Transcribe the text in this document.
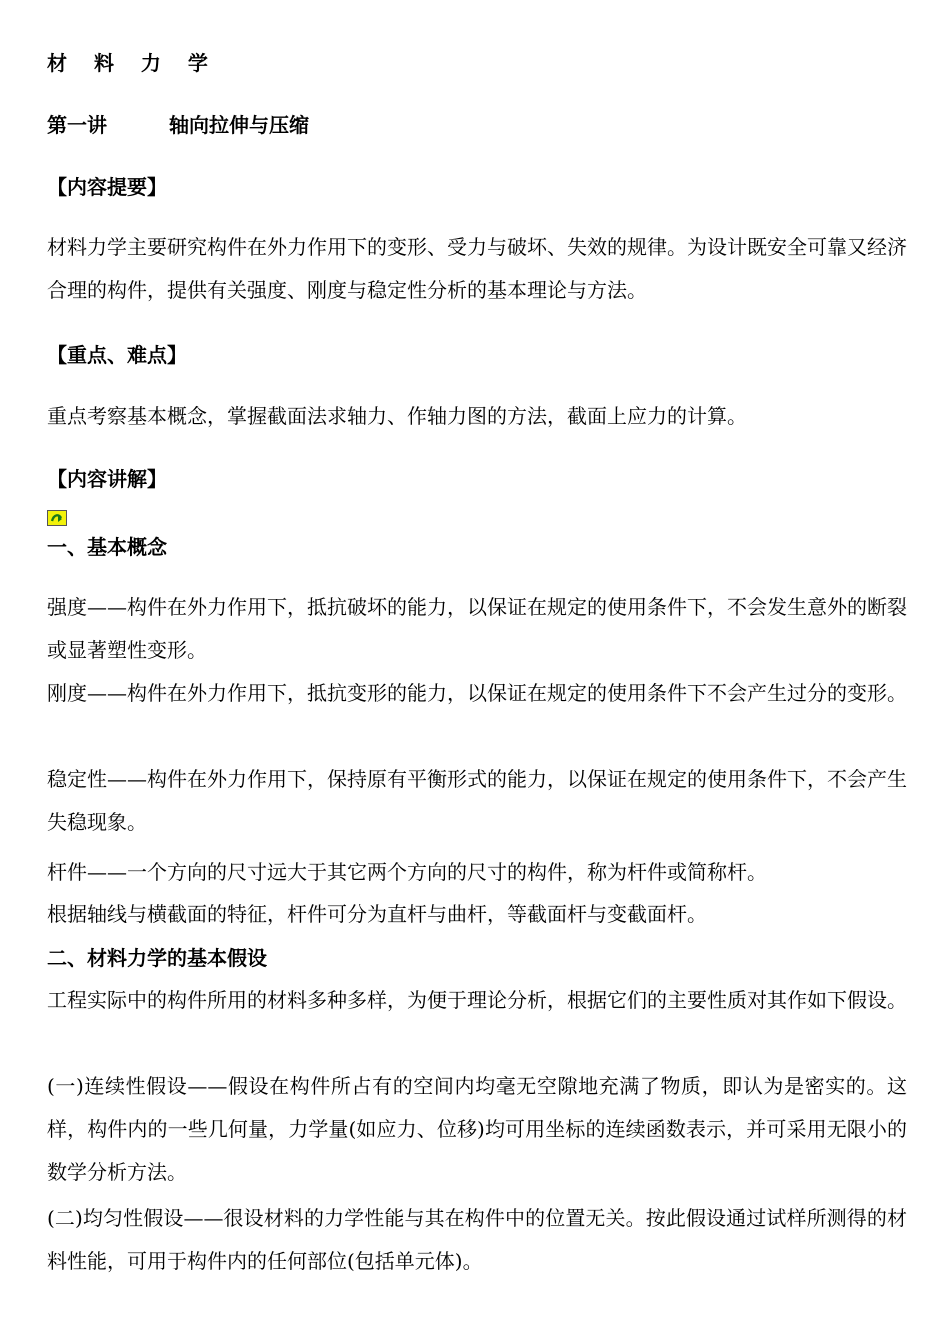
材 料 力 学
第一讲	轴向拉伸与压缩
【内容提要】

材料力学主要研究构件在外力作用下的变形、受力与破坏、失效的规律。为设计既安全可靠又经济合理的构件，提供有关强度、刚度与稳定性分析的基本理论与方法。

【重点、难点】

重点考察基本概念，掌握截面法求轴力、作轴力图的方法，截面上应力的计算。

【内容讲解】
一、基本概念

强度——构件在外力作用下，抵抗破坏的能力，以保证在规定的使用条件下，不会发生意外的断裂或显著塑性变形。

刚度——构件在外力作用下，抵抗变形的能力，以保证在规定的使用条件下不会产生过分的变形。

稳定性——构件在外力作用下，保持原有平衡形式的能力，以保证在规定的使用条件下，不会产生失稳现象。

杆件——一个方向的尺寸远大于其它两个方向的尺寸的构件，称为杆件或简称杆。

根据轴线与横截面的特征，杆件可分为直杆与曲杆，等截面杆与变截面杆。

二、材料力学的基本假设

工程实际中的构件所用的材料多种多样，为便于理论分析，根据它们的主要性质对其作如下假设。

(一)连续性假设——假设在构件所占有的空间内均毫无空隙地充满了物质，即认为是密实的。这样，构件内的一些几何量，力学量(如应力、位移)均可用坐标的连续函数表示，并可采用无限小的数学分析方法。

(二)均匀性假设——很设材料的力学性能与其在构件中的位置无关。按此假设通过试样所测得的材料性能，可用于构件内的任何部位(包括单元体)。
